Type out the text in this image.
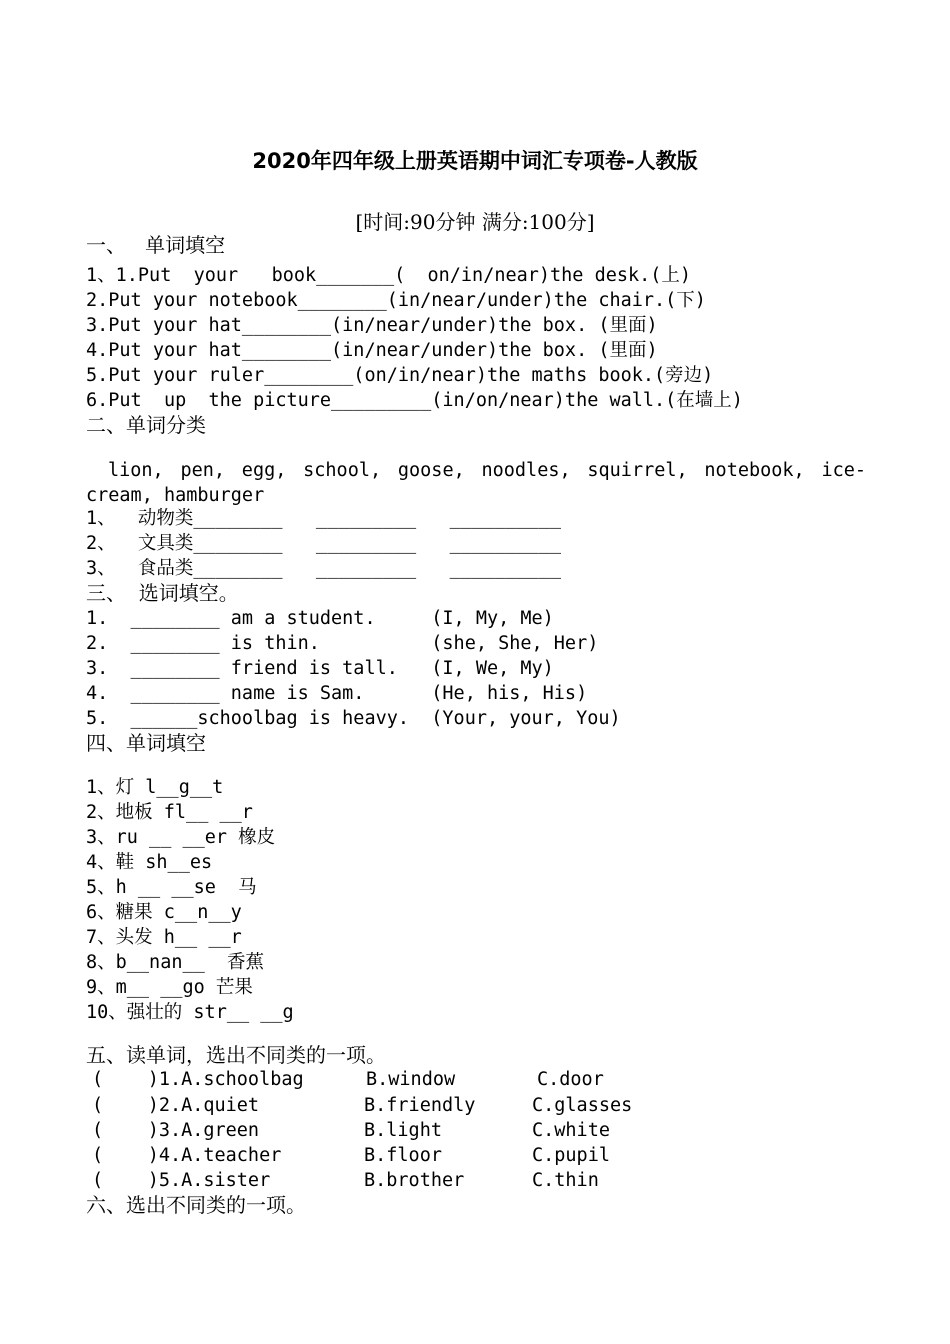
2020年四年级上册英语期中词汇专项卷-人教版
[时间:90分钟 满分:100分]
一、   单词填空
1、1.Put  your   book_______(  on/in/near)the desk.(上)
2.Put your notebook________(in/near/under)the chair.(下)
3.Put your hat________(in/near/under)the box. (里面)
4.Put your hat________(in/near/under)the box. (里面)
5.Put your ruler________(on/in/near)the maths book.(旁边)
6.Put  up  the picture_________(in/on/near)the wall.(在墙上)
二、单词分类
lion, pen, egg, school, goose, noodles, squirrel, notebook, ice-cream, hamburger
1、  动物类________   _________   __________
2、  文具类________   _________   __________
3、  食品类________   _________   __________
三、  选词填空。
1.  ________ am a student.     (I, My, Me)
2.  ________ is thin.          (she, She, Her)
3.  ________ friend is tall.   (I, We, My)
4.  ________ name is Sam.      (He, his, His)
5.  ______schoolbag is heavy.  (Your, your, You)
四、单词填空
1、灯 l__g__t
2、地板 fl__ __r
3、ru __ __er 橡皮
4、鞋 sh__es
5、h __ __se  马
6、糖果 c__n__y
7、头发 h__ __r
8、b__nan__  香蕉
9、m__ __go 芒果
10、强壮的 str__ __g
五、读单词，选出不同类的一项。
(    )1.A.schoolbag	B.window	C.door
(    )2.A.quiet	B.friendly	C.glasses
(    )3.A.green	B.light	C.white
(    )4.A.teacher	B.floor	C.pupil
(    )5.A.sister	B.brother	C.thin
六、选出不同类的一项。
